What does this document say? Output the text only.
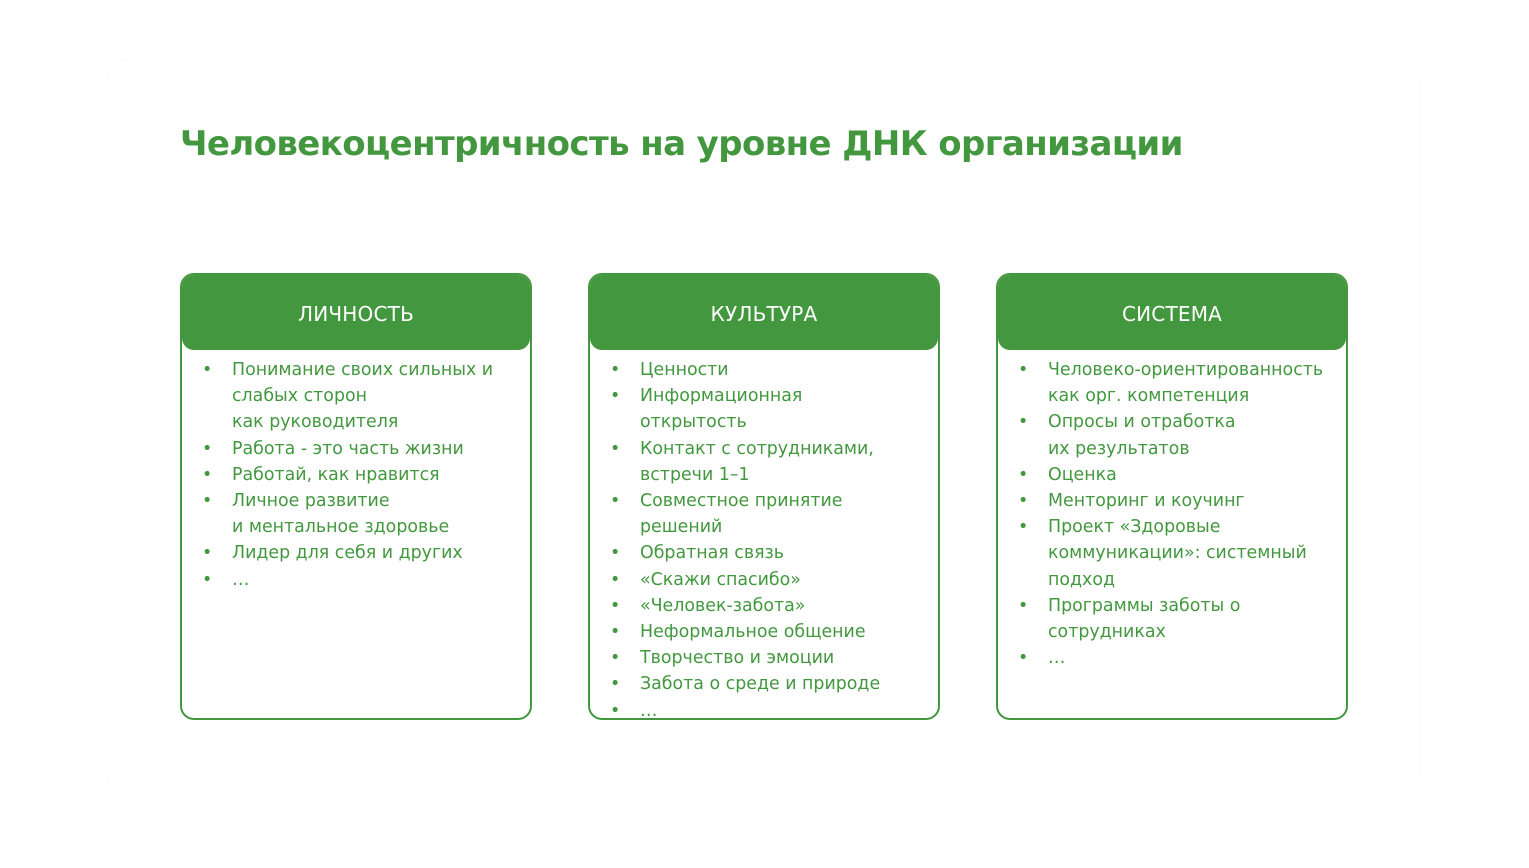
Человекоцентричность на уровне ДНК организации
ЛИЧНОСТЬ
• Понимание своих сильных и
слабых сторон
как руководителя
• Работа - это часть жизни
• Работай, как нравится
• Личное развитие
и ментальное здоровье
• Лидер для себя и других
• …
КУЛЬТУРА
• Ценности
• Информационная
открытость
• Контакт с сотрудниками,
встречи 1–1
• Совместное принятие
решений
• Обратная связь
• «Скажи спасибо»
• «Человек-забота»
• Неформальное общение
• Творчество и эмоции
• Забота о среде и природе
• …
СИСТЕМА
• Человеко-ориентированность
как орг. компетенция
• Опросы и отработка
их результатов
• Оценка
• Менторинг и коучинг
• Проект «Здоровые
коммуникации»: системный
подход
• Программы заботы о
сотрудниках
• …
